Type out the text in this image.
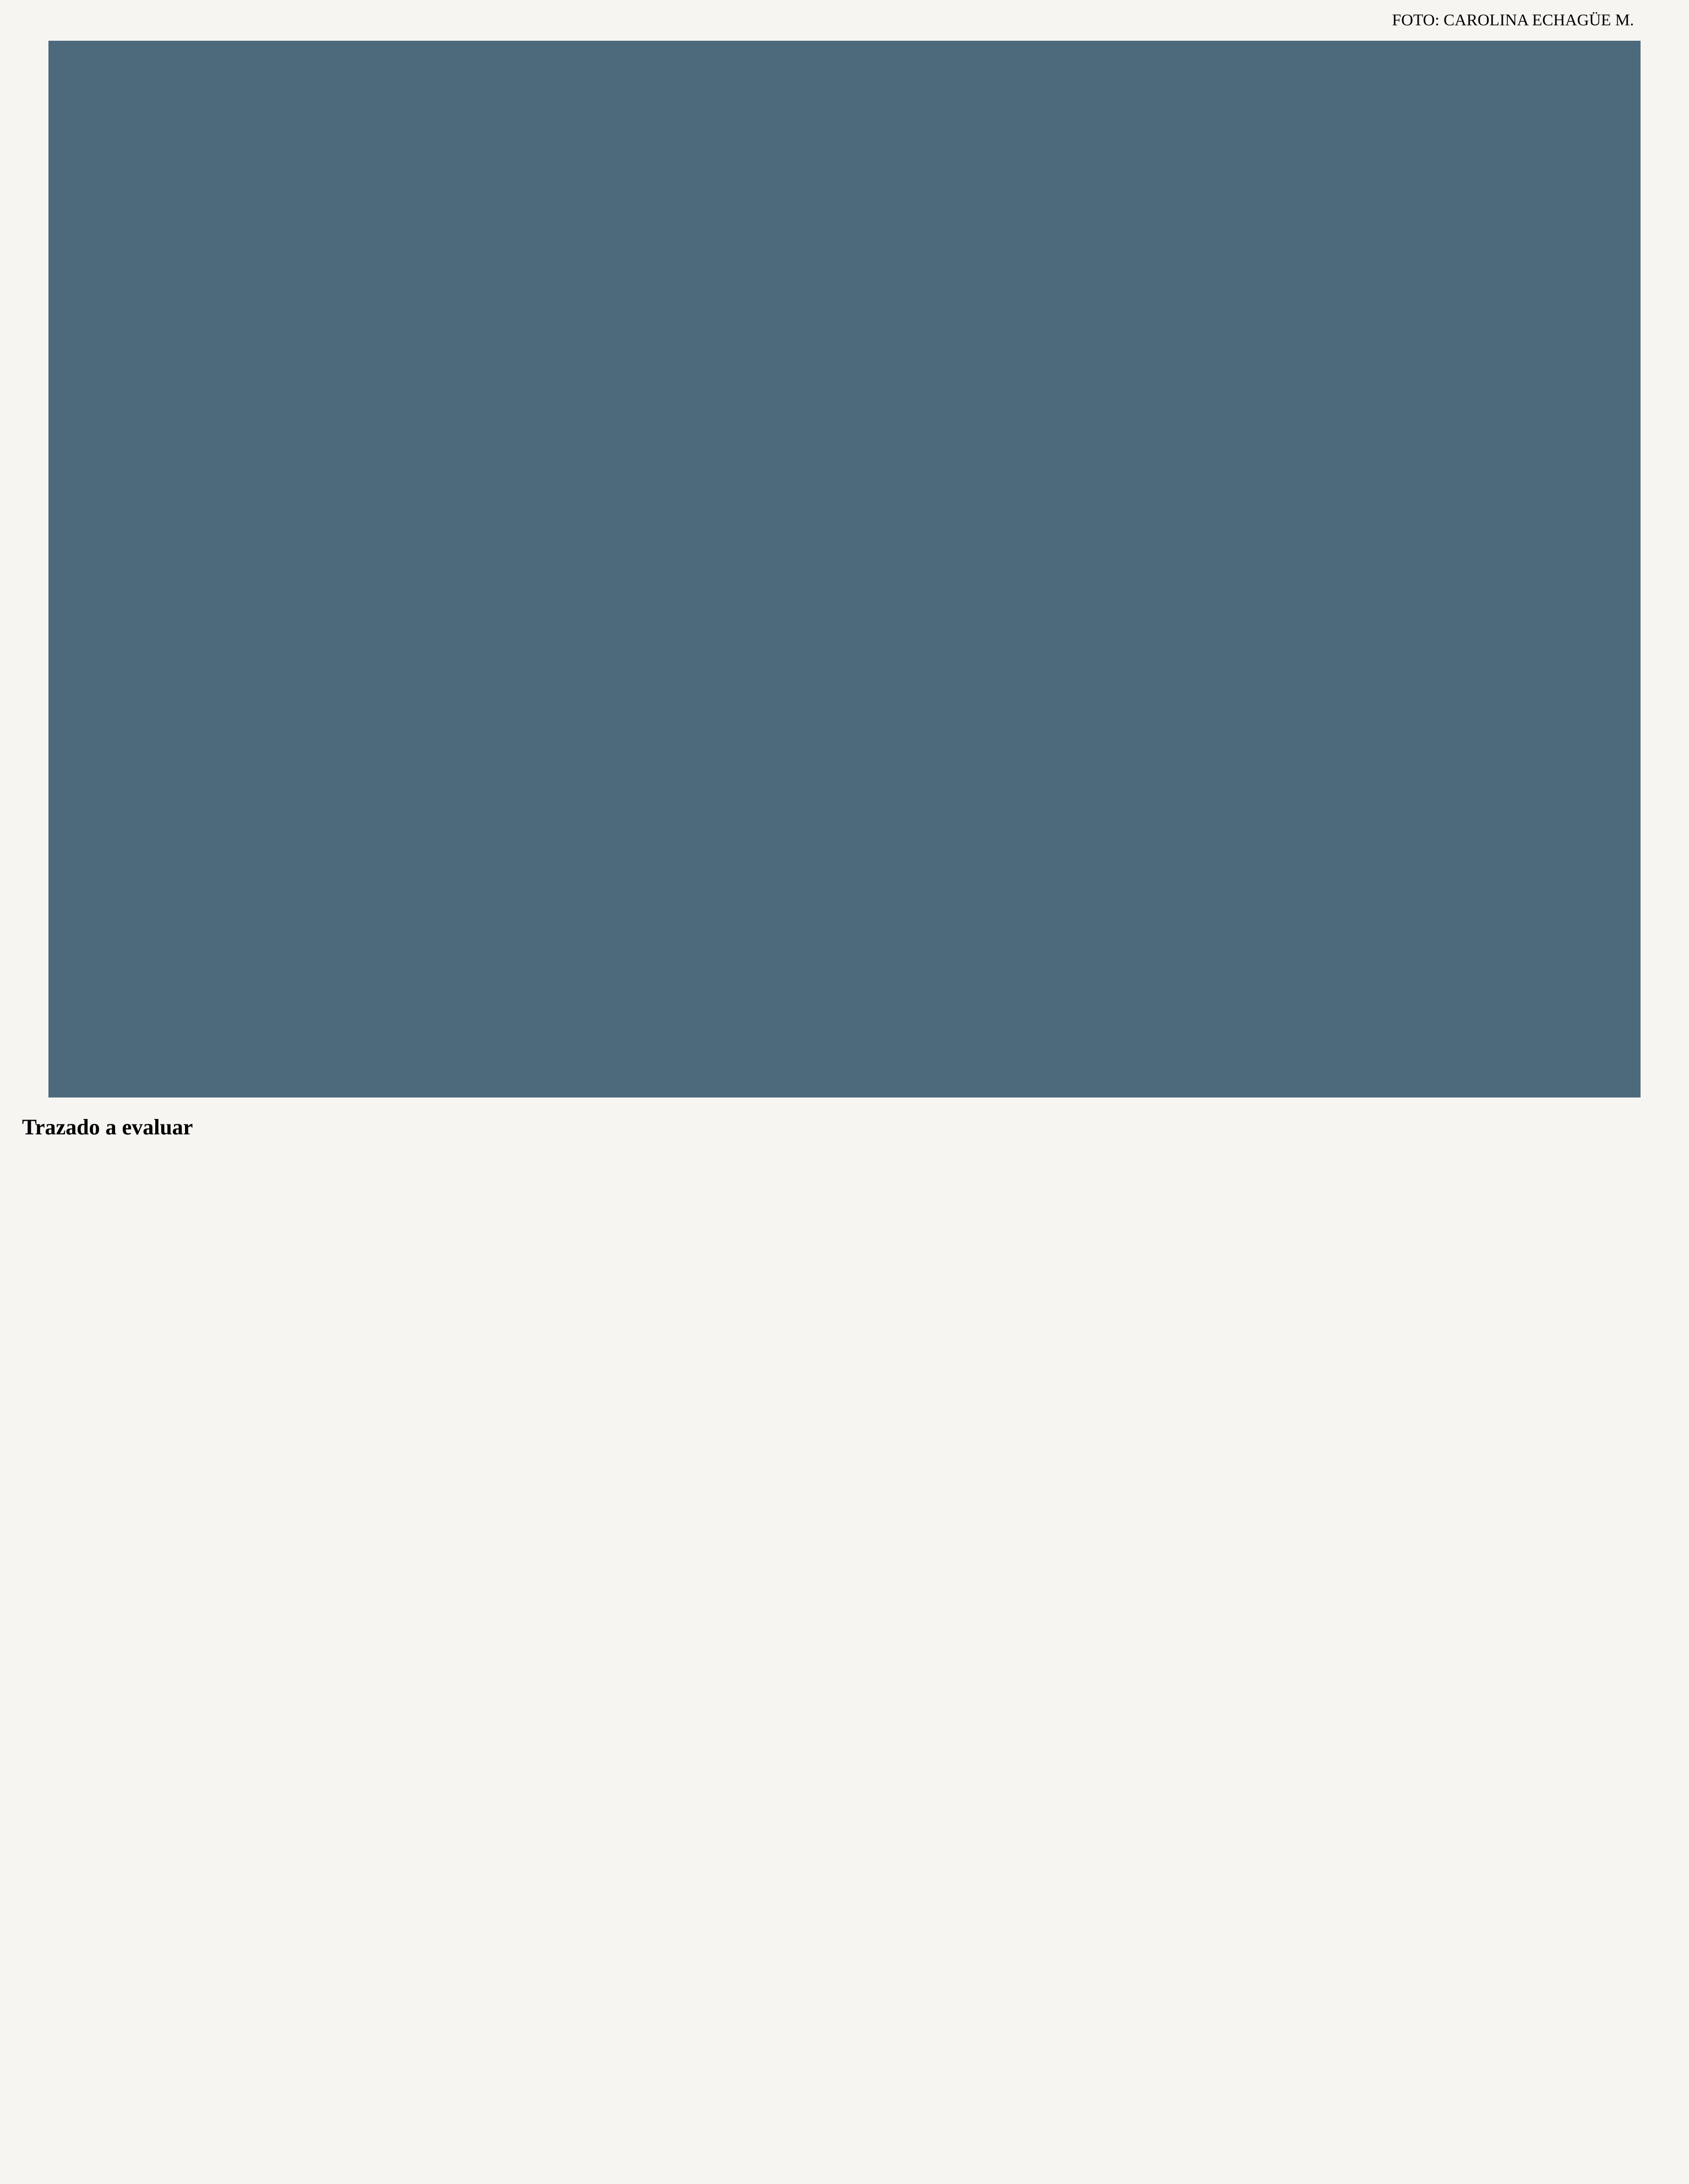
FOTO: CAROLINA ECHAGÜE M.
Trazado a evaluar
